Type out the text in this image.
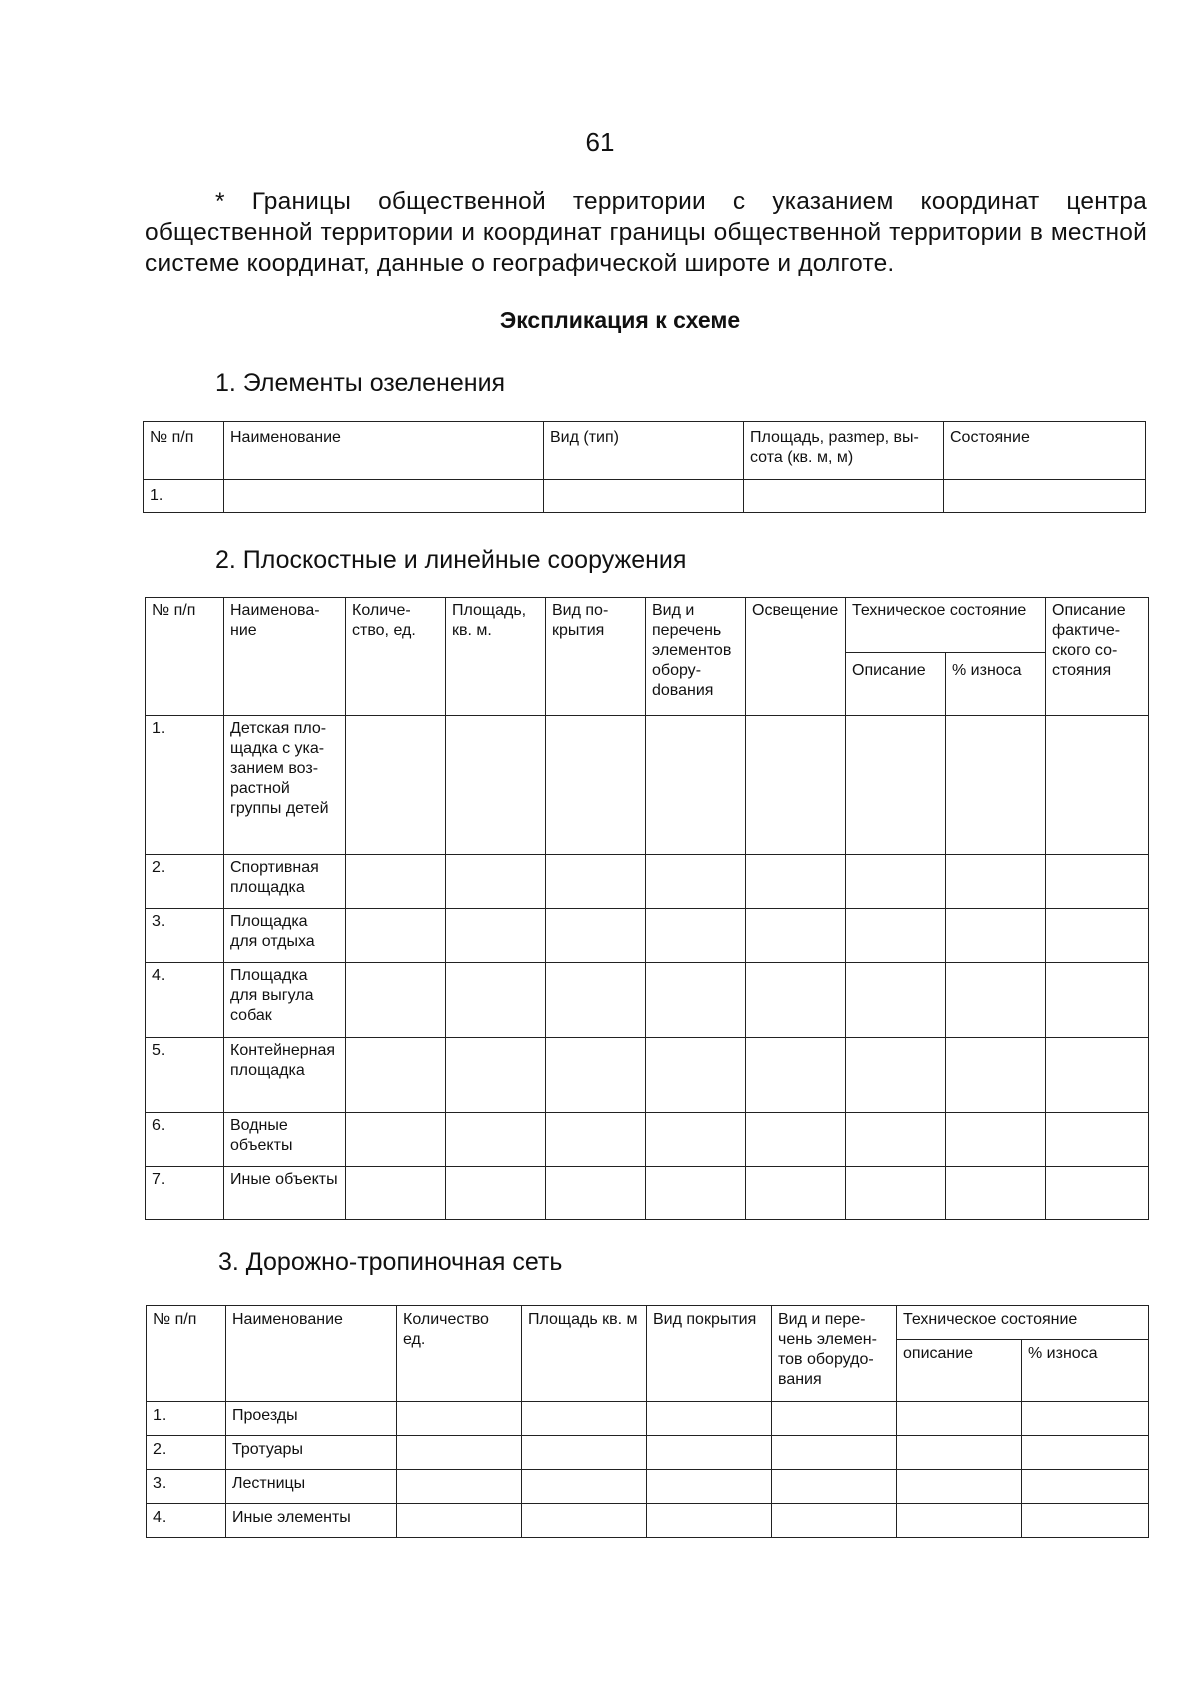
61
* Границы общественной территории с указанием координат центра общественной территории и координат границы общественной территории в местной системе координат, данные о географической широте и долготе.
Экспликация к схеме
1. Элементы озеленения
№ п/п	Наименование	Вид (тип)	Площадь, разmер, высота (кв. м, м)	Состояние
1.				
2. Плоскостные и линейные сооружения
№ п/п	Наименование	Количество, ед.	Площадь, кв. м.	Вид покрытия	Вид и перечень элементов оборуdования	Освещение	Техническое состояние		Описание фактического состояния
							Описание	% износа	
1.	Детская площадка с указанием возрастной группы детей								
2.	Спортивная площадка								
3.	Площадка для отдыха								
4.	Площадка для выгула собак								
5.	Контейнерная площадка								
6.	Водные объекты								
7.	Иные объекты								
3. Дорожно-тропиночная сеть
№ п/п	Наименование	Количество ед.	Площадь кв. м	Вид покрытия	Вид и перечень элементов оборудования	Техническое состояние	
						описание	% износа
1.	Проезды						
2.	Тротуары						
3.	Лестницы						
4.	Иные элементы						
